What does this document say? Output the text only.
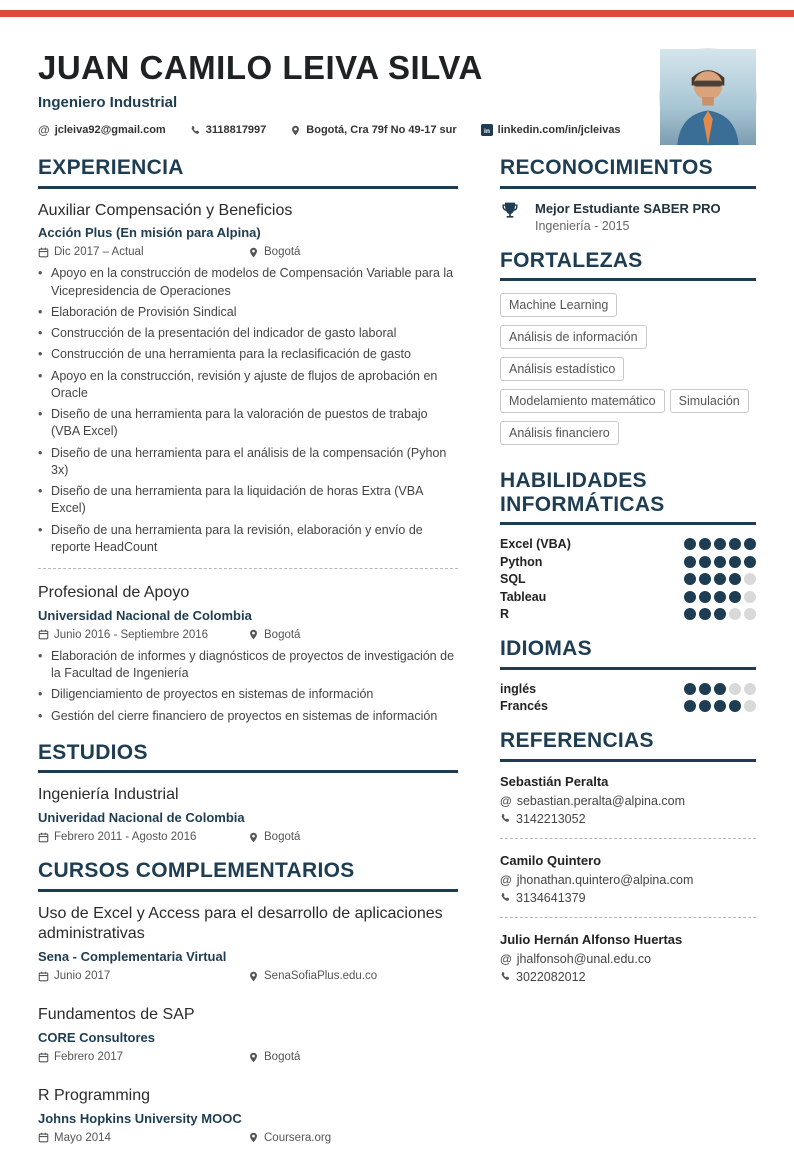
JUAN CAMILO LEIVA SILVA
Ingeniero Industrial
@ jcleiva92@gmail.com	3118817997	Bogotá, Cra 79f No 49-17 sur	in linkedin.com/in/jcleivas
EXPERIENCIA
Auxiliar Compensación y Beneficios
Acción Plus (En misión para Alpina)
Dic 2017 – Actual	Bogotá
• Apoyo en la construcción de modelos de Compensación Variable para la Vicepresidencia de Operaciones
• Elaboración de Provisión Sindical
• Construcción de la presentación del indicador de gasto laboral
• Construcción de una herramienta para la reclasificación de gasto
• Apoyo en la construcción, revisión y ajuste de flujos de aprobación en Oracle
• Diseño de una herramienta para la valoración de puestos de trabajo (VBA Excel)
• Diseño de una herramienta para el análisis de la compensación (Pyhon 3x)
• Diseño de una herramienta para la liquidación de horas Extra (VBA Excel)
• Diseño de una herramienta para la revisión, elaboración y envío de reporte HeadCount
Profesional de Apoyo
Universidad Nacional de Colombia
Junio 2016 - Septiembre 2016	Bogotá
• Elaboración de informes y diagnósticos de proyectos de investigación de la Facultad de Ingeniería
• Diligenciamiento de proyectos en sistemas de información
• Gestión del cierre financiero de proyectos en sistemas de información
ESTUDIOS
Ingeniería Industrial
Univeridad Nacional de Colombia
Febrero 2011 - Agosto 2016	Bogotá
CURSOS COMPLEMENTARIOS
Uso de Excel y Access para el desarrollo de aplicaciones administrativas
Sena - Complementaria Virtual
Junio 2017	SenaSofiaPlus.edu.co
Fundamentos de SAP
CORE Consultores
Febrero 2017	Bogotá
R Programming
Johns Hopkins University MOOC
Mayo 2014	Coursera.org
RECONOCIMIENTOS
Mejor Estudiante SABER PRO
Ingeniería - 2015
FORTALEZAS
Machine LearningAnálisis de informaciónAnálisis estadísticoModelamiento matemático SimulaciónAnálisis financiero
HABILIDADES INFORMÁTICAS
Excel (VBA)
Python
SQL
Tableau
R
IDIOMAS
inglés
Francés
REFERENCIAS
Sebastián Peralta
@ sebastian.peralta@alpina.com
3142213052
Camilo Quintero
@ jhonathan.quintero@alpina.com
3134641379
Julio Hernán Alfonso Huertas
@ jhalfonsoh@unal.edu.co
3022082012
